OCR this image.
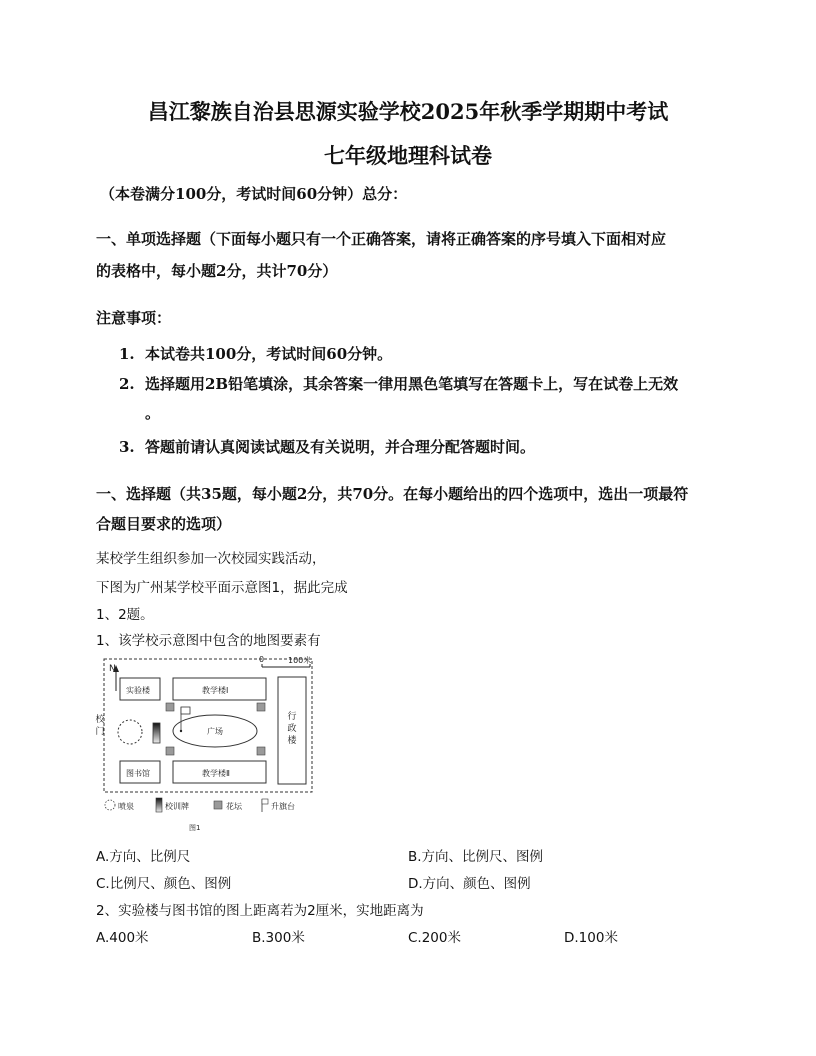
昌江黎族自治县思源实验学校2025年秋季学期期中考试
七年级地理科试卷
（本卷满分100分，考试时间60分钟）总分：
一、单项选择题（下面每小题只有一个正确答案，请将正确答案的序号填入下面相对应
的表格中，每小题2分，共计70分）
注意事项：
1. 本试卷共100分，考试时间60分钟。
2. 选择题用2B铅笔填涂，其余答案一律用黑色笔填写在答题卡上，写在试卷上无效
。
3. 答题前请认真阅读试题及有关说明，并合理分配答题时间。
一、选择题（共35题，每小题2分，共70分。在每小题给出的四个选项中，选出一项最符
合题目要求的选项）
某校学生组织参加一次校园实践活动，
下图为广州某学校平面示意图1，据此完成
1、2题。
1、该学校示意图中包含的地图要素有
N
0	100米
实验楼	教学楼Ⅰ
图书馆	教学楼Ⅱ
广场
校门
行政楼
喷泉	校训牌	花坛	升旗台
图1
A.方向、比例尺	B.方向、比例尺、图例
C.比例尺、颜色、图例	D.方向、颜色、图例
2、实验楼与图书馆的图上距离若为2厘米，实地距离为
A.400米	B.300米	C.200米	D.100米
